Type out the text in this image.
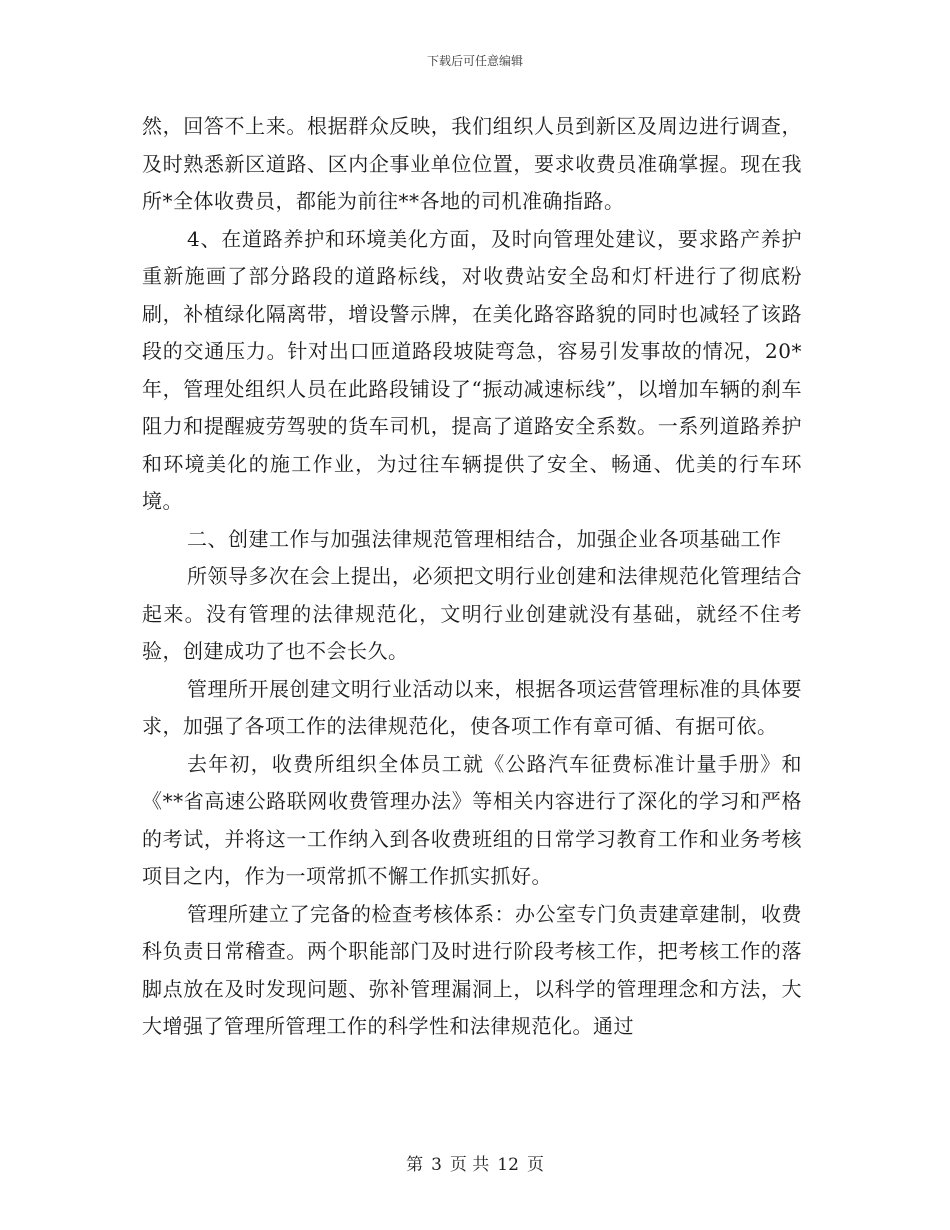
下载后可任意编辑

然，回答不上来。根据群众反映，我们组织人员到新区及周边进行调查，及时熟悉新区道路、区内企事业单位位置，要求收费员准确掌握。现在我所*全体收费员，都能为前往**各地的司机准确指路。

4、在道路养护和环境美化方面，及时向管理处建议，要求路产养护重新施画了部分路段的道路标线，对收费站安全岛和灯杆进行了彻底粉刷，补植绿化隔离带，增设警示牌，在美化路容路貌的同时也减轻了该路段的交通压力。针对出口匝道路段坡陡弯急，容易引发事故的情况，20*年，管理处组织人员在此路段铺设了“振动减速标线”，以增加车辆的刹车阻力和提醒疲劳驾驶的货车司机，提高了道路安全系数。一系列道路养护和环境美化的施工作业，为过往车辆提供了安全、畅通、优美的行车环境。

二、创建工作与加强法律规范管理相结合，加强企业各项基础工作

所领导多次在会上提出，必须把文明行业创建和法律规范化管理结合起来。没有管理的法律规范化，文明行业创建就没有基础，就经不住考验，创建成功了也不会长久。

管理所开展创建文明行业活动以来，根据各项运营管理标准的具体要求，加强了各项工作的法律规范化，使各项工作有章可循、有据可依。

去年初，收费所组织全体员工就《公路汽车征费标准计量手册》和《**省高速公路联网收费管理办法》等相关内容进行了深化的学习和严格的考试，并将这一工作纳入到各收费班组的日常学习教育工作和业务考核项目之内，作为一项常抓不懈工作抓实抓好。

管理所建立了完备的检查考核体系：办公室专门负责建章建制，收费科负责日常稽查。两个职能部门及时进行阶段考核工作，把考核工作的落脚点放在及时发现问题、弥补管理漏洞上，以科学的管理理念和方法，大大增强了管理所管理工作的科学性和法律规范化。通过

第 3 页 共 12 页
